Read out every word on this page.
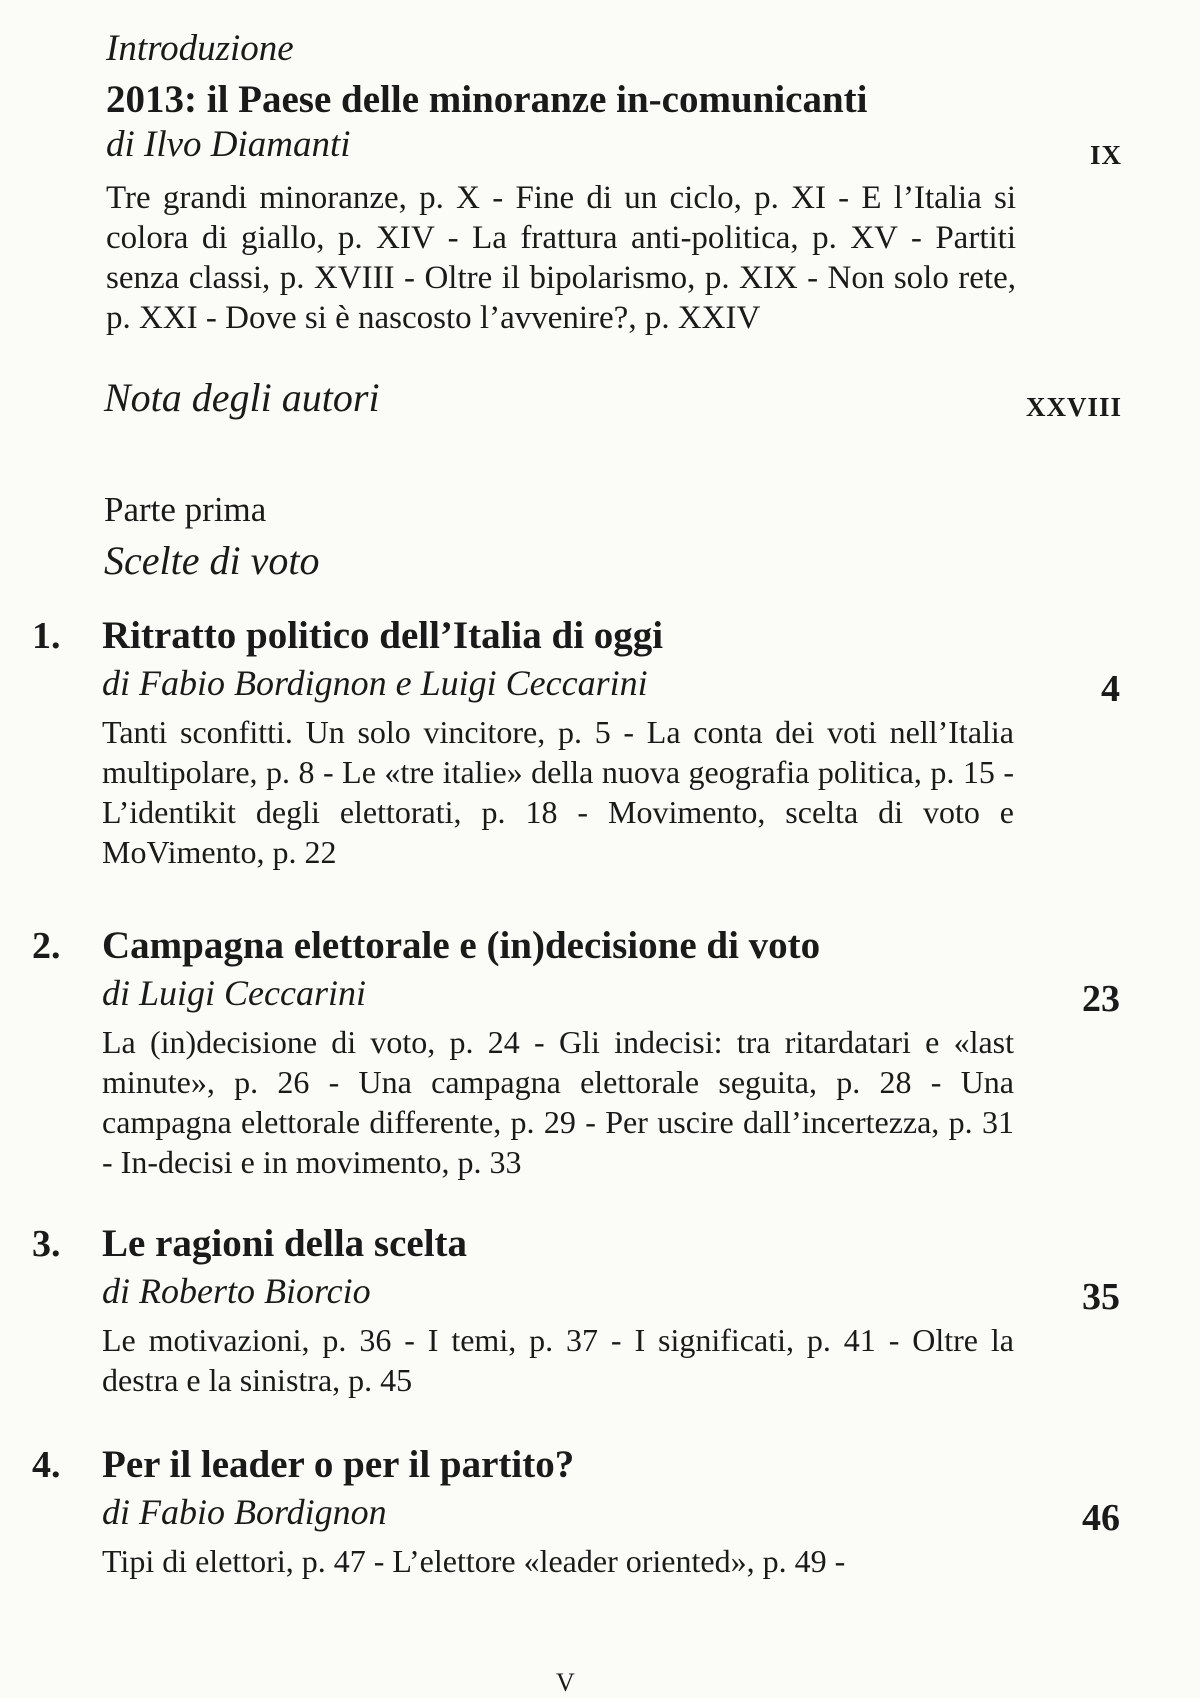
Introduzione
2013: il Paese delle minoranze in-comunicanti
di Ilvo Diamanti	IX
Tre grandi minoranze, p. X - Fine di un ciclo, p. XI - E l’Italia si colora di giallo, p. XIV - La frattura anti-politica, p. XV - Partiti senza classi, p. XVIII - Oltre il bipolarismo, p. XIX - Non solo rete, p. XXI - Dove si è nascosto l’avvenire?, p. XXIV
Nota degli autori	XXVIII
Parte prima
Scelte di voto
1. Ritratto politico dell’Italia di oggi
di Fabio Bordignon e Luigi Ceccarini	4
Tanti sconfitti. Un solo vincitore, p. 5 - La conta dei voti nell’Italia multipolare, p. 8 - Le «tre italie» della nuova geografia politica, p. 15 - L’identikit degli elettorati, p. 18 - Movimento, scelta di voto e MoVimento, p. 22
2. Campagna elettorale e (in)decisione di voto
di Luigi Ceccarini	23
La (in)decisione di voto, p. 24 - Gli indecisi: tra ritardatari e «last minute», p. 26 - Una campagna elettorale seguita, p. 28 - Una campagna elettorale differente, p. 29 - Per uscire dall’incertezza, p. 31 - In-decisi e in movimento, p. 33
3. Le ragioni della scelta
di Roberto Biorcio	35
Le motivazioni, p. 36 - I temi, p. 37 - I significati, p. 41 - Oltre la destra e la sinistra, p. 45
4. Per il leader o per il partito?
di Fabio Bordignon	46
Tipi di elettori, p. 47 - L’elettore «leader oriented», p. 49 -
V
